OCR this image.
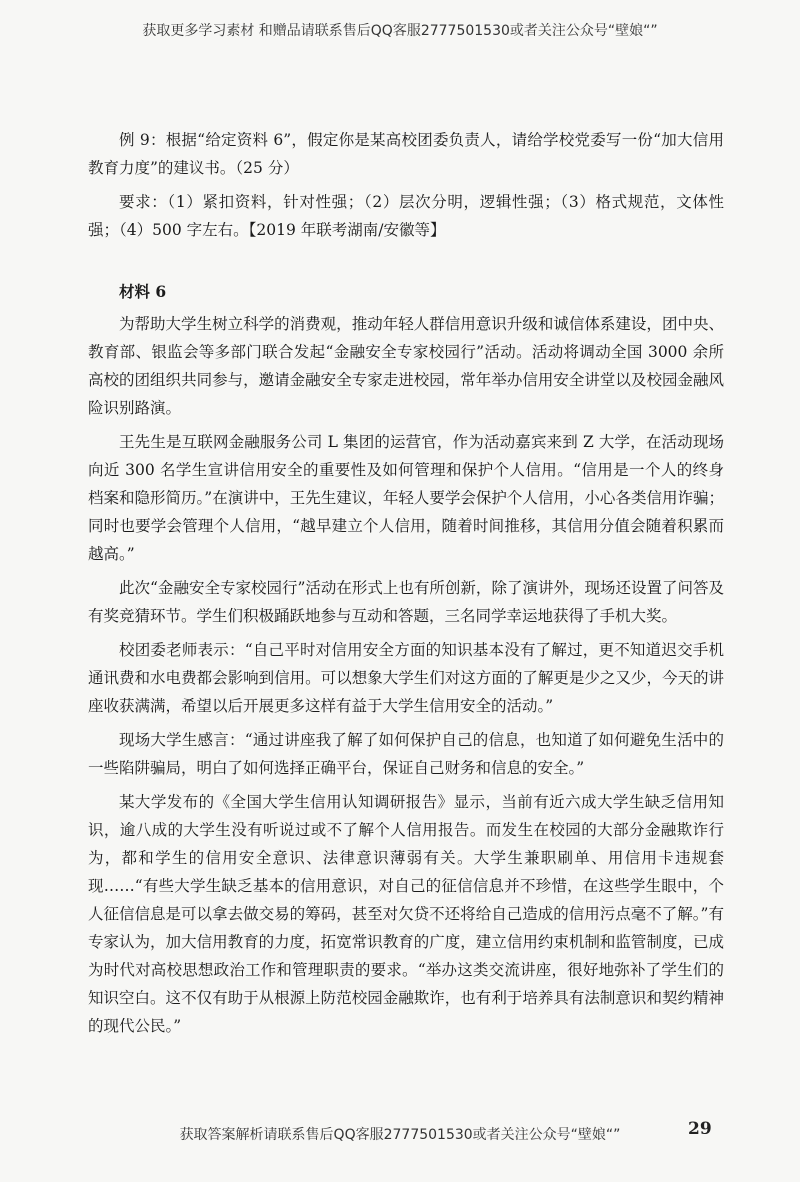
获取更多学习素材 和赠品请联系售后QQ客服2777501530或者关注公众号“壁娘“”

例 9：根据“给定资料 6”，假定你是某高校团委负责人，请给学校党委写一份“加大信用教育力度”的建议书。（25 分）

要求：（1）紧扣资料，针对性强；（2）层次分明，逻辑性强；（3）格式规范，文体性强；（4）500 字左右。【2019 年联考湖南/安徽等】

材料 6

为帮助大学生树立科学的消费观，推动年轻人群信用意识升级和诚信体系建设，团中央、教育部、银监会等多部门联合发起“金融安全专家校园行”活动。活动将调动全国 3000 余所高校的团组织共同参与，邀请金融安全专家走进校园，常年举办信用安全讲堂以及校园金融风险识别路演。

王先生是互联网金融服务公司 L 集团的运营官，作为活动嘉宾来到 Z 大学，在活动现场向近 300 名学生宣讲信用安全的重要性及如何管理和保护个人信用。“信用是一个人的终身档案和隐形简历。”在演讲中，王先生建议，年轻人要学会保护个人信用，小心各类信用诈骗；同时也要学会管理个人信用，“越早建立个人信用，随着时间推移，其信用分值会随着积累而越高。”

此次“金融安全专家校园行”活动在形式上也有所创新，除了演讲外，现场还设置了问答及有奖竞猜环节。学生们积极踊跃地参与互动和答题，三名同学幸运地获得了手机大奖。

校团委老师表示：“自己平时对信用安全方面的知识基本没有了解过，更不知道迟交手机通讯费和水电费都会影响到信用。可以想象大学生们对这方面的了解更是少之又少，今天的讲座收获满满，希望以后开展更多这样有益于大学生信用安全的活动。”

现场大学生感言：“通过讲座我了解了如何保护自己的信息，也知道了如何避免生活中的一些陷阱骗局，明白了如何选择正确平台，保证自己财务和信息的安全。”

某大学发布的《全国大学生信用认知调研报告》显示，当前有近六成大学生缺乏信用知识，逾八成的大学生没有听说过或不了解个人信用报告。而发生在校园的大部分金融欺诈行为，都和学生的信用安全意识、法律意识薄弱有关。大学生兼职刷单、用信用卡违规套现……“有些大学生缺乏基本的信用意识，对自己的征信信息并不珍惜，在这些学生眼中，个人征信信息是可以拿去做交易的筹码，甚至对欠贷不还将给自己造成的信用污点毫不了解。”有专家认为，加大信用教育的力度，拓宽常识教育的广度，建立信用约束机制和监管制度，已成为时代对高校思想政治工作和管理职责的要求。“举办这类交流讲座，很好地弥补了学生们的知识空白。这不仅有助于从根源上防范校园金融欺诈，也有利于培养具有法制意识和契约精神的现代公民。”

获取答案解析请联系售后QQ客服2777501530或者关注公众号“壁娘“”	29
